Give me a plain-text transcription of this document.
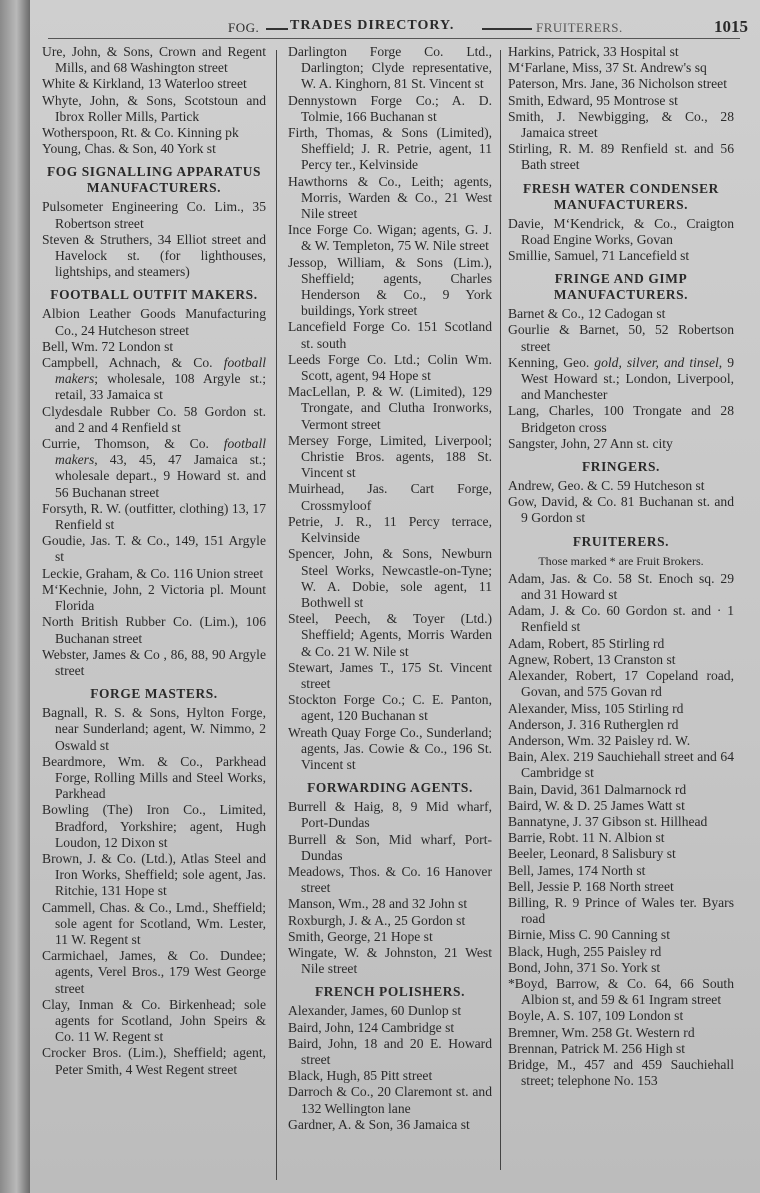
FOG. TRADES DIRECTORY.	FRUITERERS.	1015
Ure, John, & Sons, Crown and Regent Mills, and 68 Washington street
White & Kirkland, 13 Waterloo street
Whyte, John, & Sons, Scotstoun and Ibrox Roller Mills, Partick
Wotherspoon, Rt. & Co. Kinning pk
Young, Chas. & Son, 40 York st
FOG SIGNALLING APPARATUS MANUFACTURERS.
Pulsometer Engineering Co. Lim., 35 Robertson street
Steven & Struthers, 34 Elliot street and Havelock st. (for lighthouses, lightships, and steamers)
FOOTBALL OUTFIT MAKERS.
Albion Leather Goods Manufacturing Co., 24 Hutcheson street
Bell, Wm. 72 London st
Campbell, Achnach, & Co. football makers; wholesale, 108 Argyle st.; retail, 33 Jamaica st
Clydesdale Rubber Co. 58 Gordon st. and 2 and 4 Renfield st
Currie, Thomson, & Co. football makers, 43, 45, 47 Jamaica st.; wholesale depart., 9 Howard st. and 56 Buchanan street
Forsyth, R. W. (outfitter, clothing) 13, 17 Renfield st
Goudie, Jas. T. & Co., 149, 151 Argyle st
Leckie, Graham, & Co. 116 Union street
M‘Kechnie, John, 2 Victoria pl. Mount Florida
North British Rubber Co. (Lim.), 106 Buchanan street
Webster, James & Co , 86, 88, 90 Argyle street
FORGE MASTERS.
Bagnall, R. S. & Sons, Hylton Forge, near Sunderland; agent, W. Nimmo, 2 Oswald st
Beardmore, Wm. & Co., Parkhead Forge, Rolling Mills and Steel Works, Parkhead
Bowling (The) Iron Co., Limited, Bradford, Yorkshire; agent, Hugh Loudon, 12 Dixon st
Brown, J. & Co. (Ltd.), Atlas Steel and Iron Works, Sheffield; sole agent, Jas. Ritchie, 131 Hope st
Cammell, Chas. & Co., Lmd., Sheffield; sole agent for Scotland, Wm. Lester, 11 W. Regent st
Carmichael, James, & Co. Dundee; agents, Verel Bros., 179 West George street
Clay, Inman & Co. Birkenhead; sole agents for Scotland, John Speirs & Co. 11 W. Regent st
Crocker Bros. (Lim.), Sheffield; agent, Peter Smith, 4 West Regent street
Darlington Forge Co. Ltd., Darlington; Clyde representative, W. A. Kinghorn, 81 St. Vincent st
Dennystown Forge Co.; A. D. Tolmie, 166 Buchanan st
Firth, Thomas, & Sons (Limited), Sheffield; J. R. Petrie, agent, 11 Percy ter., Kelvinside
Hawthorns & Co., Leith; agents, Morris, Warden & Co., 21 West Nile street
Ince Forge Co. Wigan; agents, G. J. & W. Templeton, 75 W. Nile street
Jessop, William, & Sons (Lim.), Sheffield; agents, Charles Henderson & Co., 9 York buildings, York street
Lancefield Forge Co. 151 Scotland st. south
Leeds Forge Co. Ltd.; Colin Wm. Scott, agent, 94 Hope st
MacLellan, P. & W. (Limited), 129 Trongate, and Clutha Ironworks, Vermont street
Mersey Forge, Limited, Liverpool; Christie Bros. agents, 188 St. Vincent st
Muirhead, Jas. Cart Forge, Crossmyloof
Petrie, J. R., 11 Percy terrace, Kelvinside
Spencer, John, & Sons, Newburn Steel Works, Newcastle-on-Tyne; W. A. Dobie, sole agent, 11 Bothwell st
Steel, Peech, & Toyer (Ltd.) Sheffield; Agents, Morris Warden & Co. 21 W. Nile st
Stewart, James T., 175 St. Vincent street
Stockton Forge Co.; C. E. Panton, agent, 120 Buchanan st
Wreath Quay Forge Co., Sunderland; agents, Jas. Cowie & Co., 196 St. Vincent st
FORWARDING AGENTS.
Burrell & Haig, 8, 9 Mid wharf, Port-Dundas
Burrell & Son, Mid wharf, Port-Dundas
Meadows, Thos. & Co. 16 Hanover street
Manson, Wm., 28 and 32 John st
Roxburgh, J. & A., 25 Gordon st
Smith, George, 21 Hope st
Wingate, W. & Johnston, 21 West Nile street
FRENCH POLISHERS.
Alexander, James, 60 Dunlop st
Baird, John, 124 Cambridge st
Baird, John, 18 and 20 E. Howard street
Black, Hugh, 85 Pitt street
Darroch & Co., 20 Claremont st. and 132 Wellington lane
Gardner, A. & Son, 36 Jamaica st
Harkins, Patrick, 33 Hospital st
M‘Farlane, Miss, 37 St. Andrew's sq
Paterson, Mrs. Jane, 36 Nicholson street
Smith, Edward, 95 Montrose st
Smith, J. Newbigging, & Co., 28 Jamaica street
Stirling, R. M. 89 Renfield st. and 56 Bath street
FRESH WATER CONDENSER MANUFACTURERS.
Davie, M‘Kendrick, & Co., Craigton Road Engine Works, Govan
Smillie, Samuel, 71 Lancefield st
FRINGE AND GIMP MANUFACTURERS.
Barnet & Co., 12 Cadogan st
Gourlie & Barnet, 50, 52 Robertson street
Kenning, Geo. gold, silver, and tinsel, 9 West Howard st.; London, Liverpool, and Manchester
Lang, Charles, 100 Trongate and 28 Bridgeton cross
Sangster, John, 27 Ann st. city
FRINGERS.
Andrew, Geo. & C. 59 Hutcheson st
Gow, David, & Co. 81 Buchanan st. and 9 Gordon st
FRUITERERS.
Those marked * are Fruit Brokers.
Adam, Jas. & Co. 58 St. Enoch sq. 29 and 31 Howard st
Adam, J. & Co. 60 Gordon st. and · 1 Renfield st
Adam, Robert, 85 Stirling rd
Agnew, Robert, 13 Cranston st
Alexander, Robert, 17 Copeland road, Govan, and 575 Govan rd
Alexander, Miss, 105 Stirling rd
Anderson, J. 316 Rutherglen rd
Anderson, Wm. 32 Paisley rd. W.
Bain, Alex. 219 Sauchiehall street and 64 Cambridge st
Bain, David, 361 Dalmarnock rd
Baird, W. & D. 25 James Watt st
Bannatyne, J. 37 Gibson st. Hillhead
Barrie, Robt. 11 N. Albion st
Beeler, Leonard, 8 Salisbury st
Bell, James, 174 North st
Bell, Jessie P. 168 North street
Billing, R. 9 Prince of Wales ter. Byars road
Birnie, Miss C. 90 Canning st
Black, Hugh, 255 Paisley rd
Bond, John, 371 So. York st
*Boyd, Barrow, & Co. 64, 66 South Albion st, and 59 & 61 Ingram street
Boyle, A. S. 107, 109 London st
Bremner, Wm. 258 Gt. Western rd
Brennan, Patrick M. 256 High st
Bridge, M., 457 and 459 Sauchiehall street; telephone No. 153
